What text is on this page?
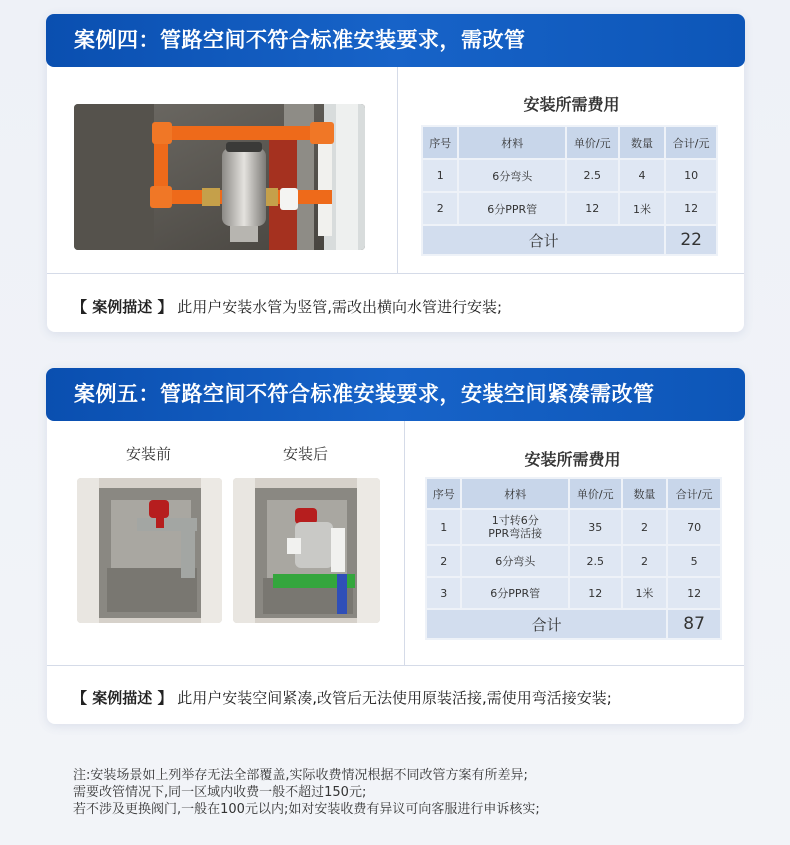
案例四：管路空间不符合标准安装要求，需改管
安装所需费用
序号	材料	单价/元	数量	合计/元
1	6分弯头	2.5	4	10
2	6分PPR管	12	1米	12
合计				22
【 案例描述 】 此用户安装水管为竖管,需改出横向水管进行安装;
案例五：管路空间不符合标准安装要求，安装空间紧凑需改管
安装前	安装后	安装所需费用
序号	材料	单价/元	数量	合计/元
1	1寸转6分
PPR弯活接	35	2	70
2	6分弯头	2.5	2	5
3	6分PPR管	12	1米	12
合计				87
【 案例描述 】 此用户安装空间紧凑,改管后无法使用原装活接,需使用弯活接安装;
注:安装场景如上列举存无法全部覆盖,实际收费情况根据不同改管方案有所差异;
需要改管情况下,同一区域内收费一般不超过150元;
若不涉及更换阀门,一般在100元以内;如对安装收费有异议可向客服进行申诉核实;
